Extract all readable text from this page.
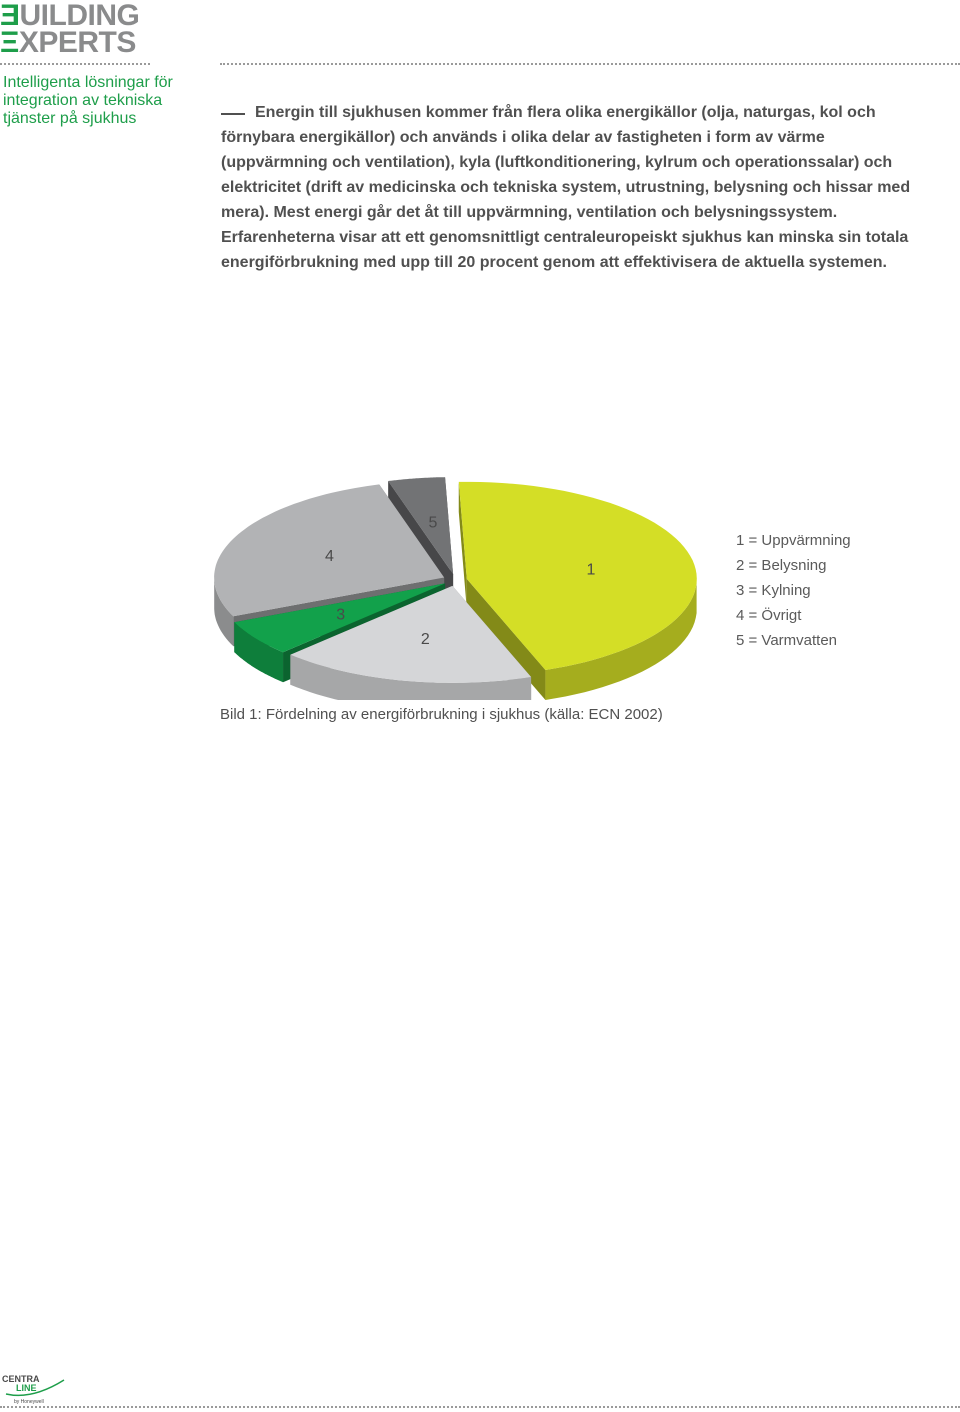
ƎUILDING
ΞXPERTS
Intelligenta lösningar för integration av tekniska tjänster på sjukhus	Energin till sjukhusen kommer från flera olika energikällor (olja, naturgas, kol och förnybara energikällor) och används i olika delar av fastigheten i form av värme (uppvärmning och ventilation), kyla (luftkonditionering, kylrum och operationssalar) och elektricitet (drift av medicinska och tekniska system, utrustning, belysning och hissar med mera). Mest energi går det åt till uppvärmning, ventilation och belysningssystem. Erfarenheterna visar att ett genomsnittligt centraleuropeiskt sjukhus kan minska sin totala energiförbrukning med upp till 20 procent genom att effektivisera de aktuella systemen.
5
4
1
3
2
1 = Uppvärmning
2 = Belysning
3 = Kylning
4 = Övrigt
5 = Varmvatten
Bild 1: Fördelning av energiförbrukning i sjukhus (källa: ECN 2002)
CENTRA
LINE
by Honeywell
